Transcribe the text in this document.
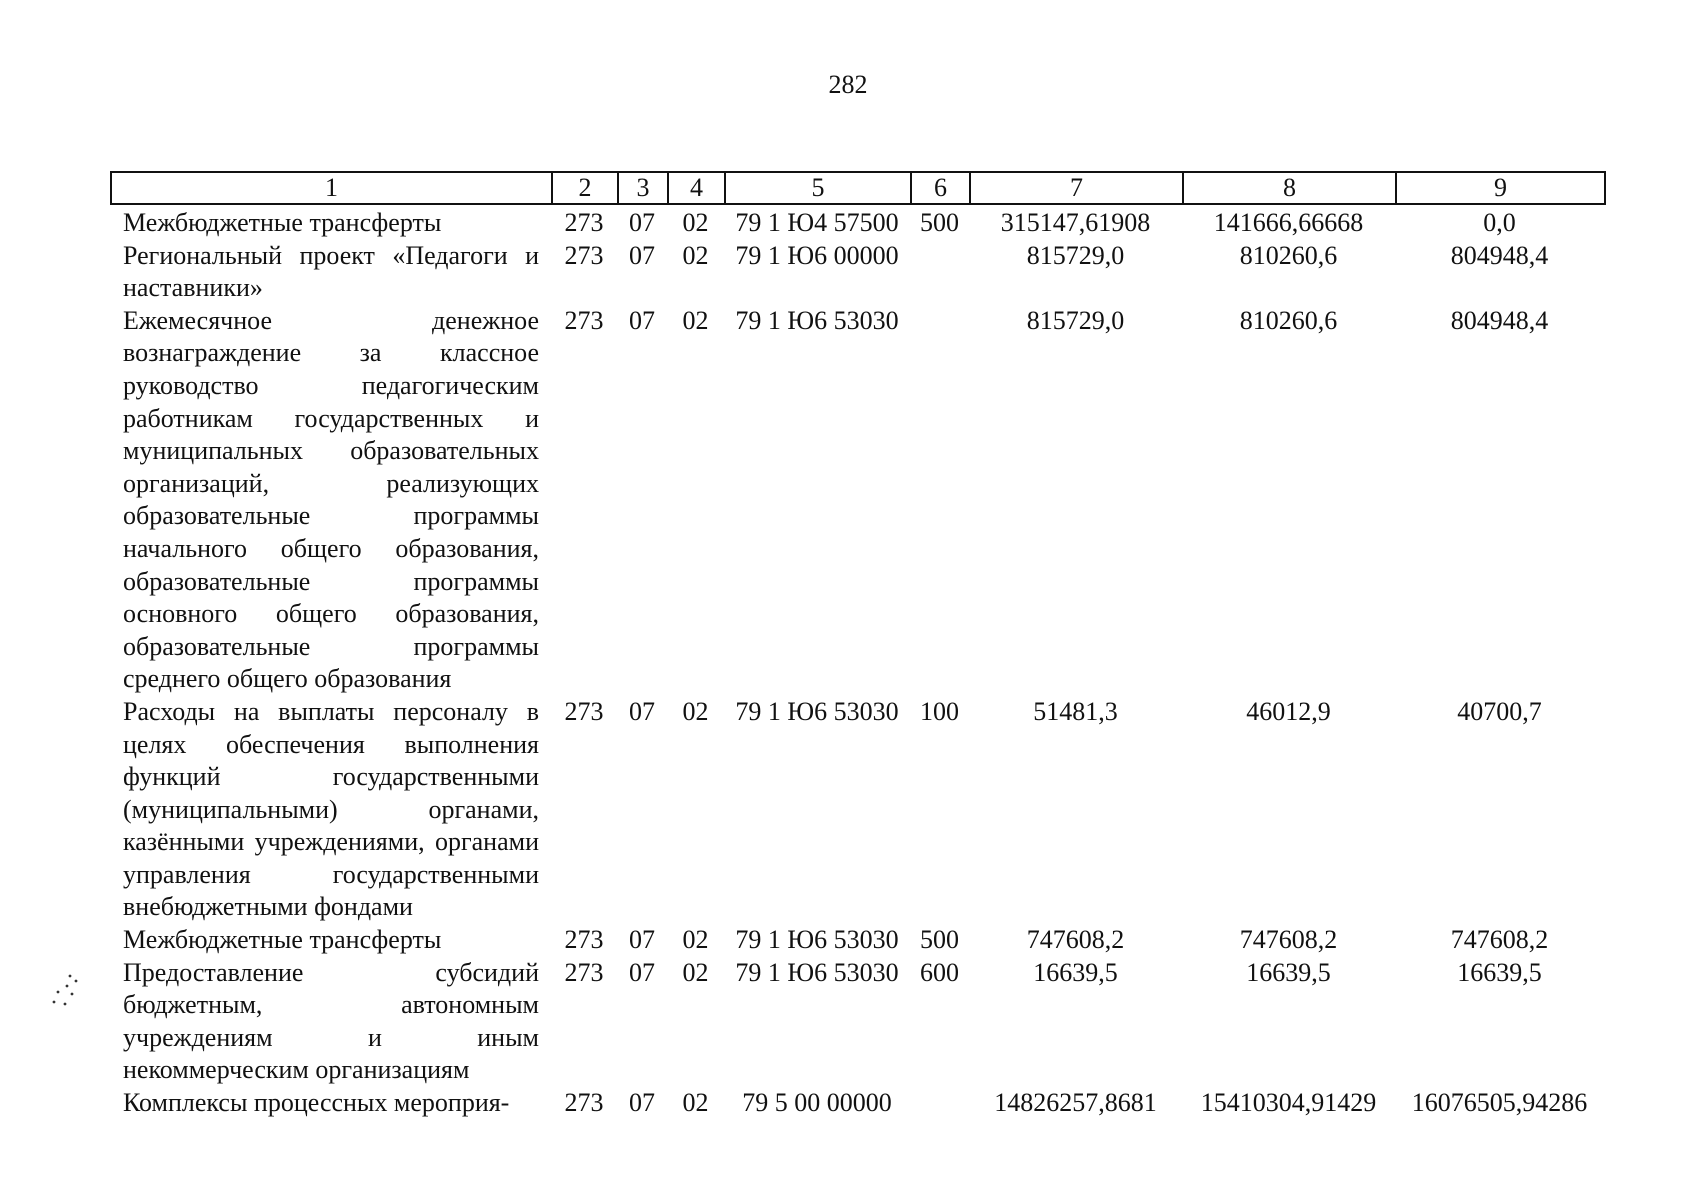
282
1	2	3	4	5	6	7	8	9
Межбюджетные трансферты	273	07	02	79 1 Ю4 57500	500	315147,61908	141666,66668	0,0
Региональный проект «Педагоги и наставники»	273	07	02	79 1 Ю6 00000		815729,0	810260,6	804948,4
Ежемесячное денежное вознаграждение за классное руководство педагогическим работникам государственных и муниципальных образовательных организаций, реализующих образовательные программы начального общего образования, образовательные программы основного общего образования, образовательные программы среднего общего образования	273	07	02	79 1 Ю6 53030		815729,0	810260,6	804948,4
Расходы на выплаты персоналу в целях обеспечения выполнения функций государственными (муниципальными) органами, казёнными учреждениями, органами управления государственными внебюджетными фондами	273	07	02	79 1 Ю6 53030	100	51481,3	46012,9	40700,7
Межбюджетные трансферты	273	07	02	79 1 Ю6 53030	500	747608,2	747608,2	747608,2
Предоставление субсидий бюджетным, автономным учреждениям и иным некоммерческим организациям	273	07	02	79 1 Ю6 53030	600	16639,5	16639,5	16639,5
Комплексы процессных мероприя-	273	07	02	79 5 00 00000		14826257,8681	15410304,91429	16076505,94286
